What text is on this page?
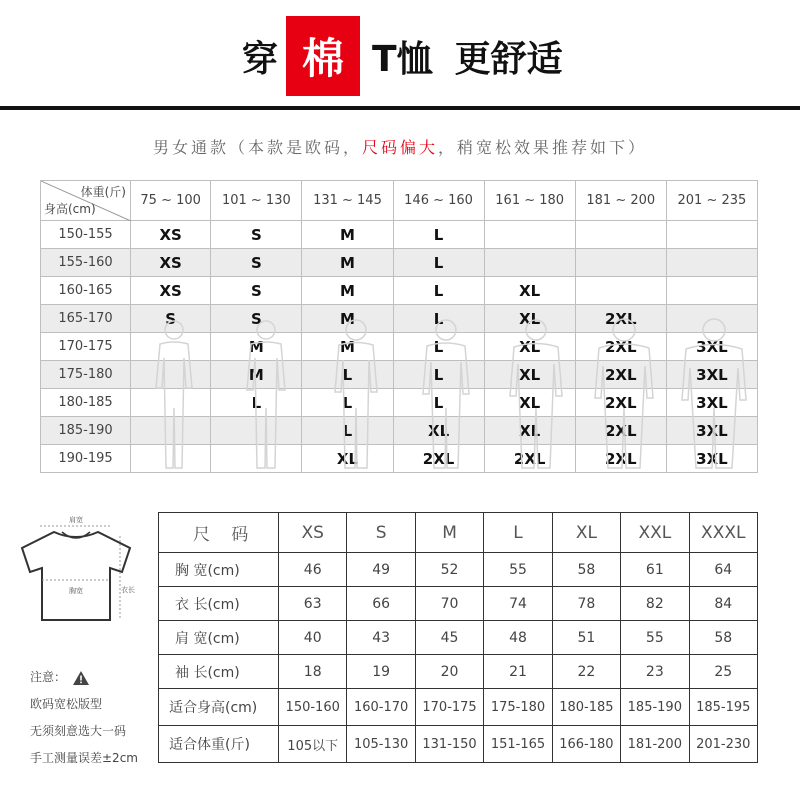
穿 棉 T恤 更舒适
男女通款（本款是欧码，尺码偏大，稍宽松效果推荐如下）
体重(斤)
身高(cm)	75 ~ 100	101 ~ 130	131 ~ 145	146 ~ 160	161 ~ 180	181 ~ 200	201 ~ 235
150-155	XS	S	M	L			
155-160	XS	S	M	L			
160-165	XS	S	M	L	XL		
165-170	S	S	M	L	XL	2XL	
170-175		M	M	L	XL	2XL	3XL
175-180		M	L	L	XL	2XL	3XL
180-185		L	L	L	XL	2XL	3XL
185-190			L	XL	XL	2XL	3XL
190-195			XL	2XL	2XL	2XL	3XL
肩宽
胸宽	衣长
注意：
欧码宽松版型
无须刻意选大一码
手工测量误差±2cm
尺 码	XS	S	M	L	XL	XXL	XXXL
胸 宽(cm)	46	49	52	55	58	61	64
衣 长(cm)	63	66	70	74	78	82	84
肩 宽(cm)	40	43	45	48	51	55	58
袖 长(cm)	18	19	20	21	22	23	25
适合身高(cm)	150-160	160-170	170-175	175-180	180-185	185-190	185-195
适合体重(斤)	105以下	105-130	131-150	151-165	166-180	181-200	201-230
